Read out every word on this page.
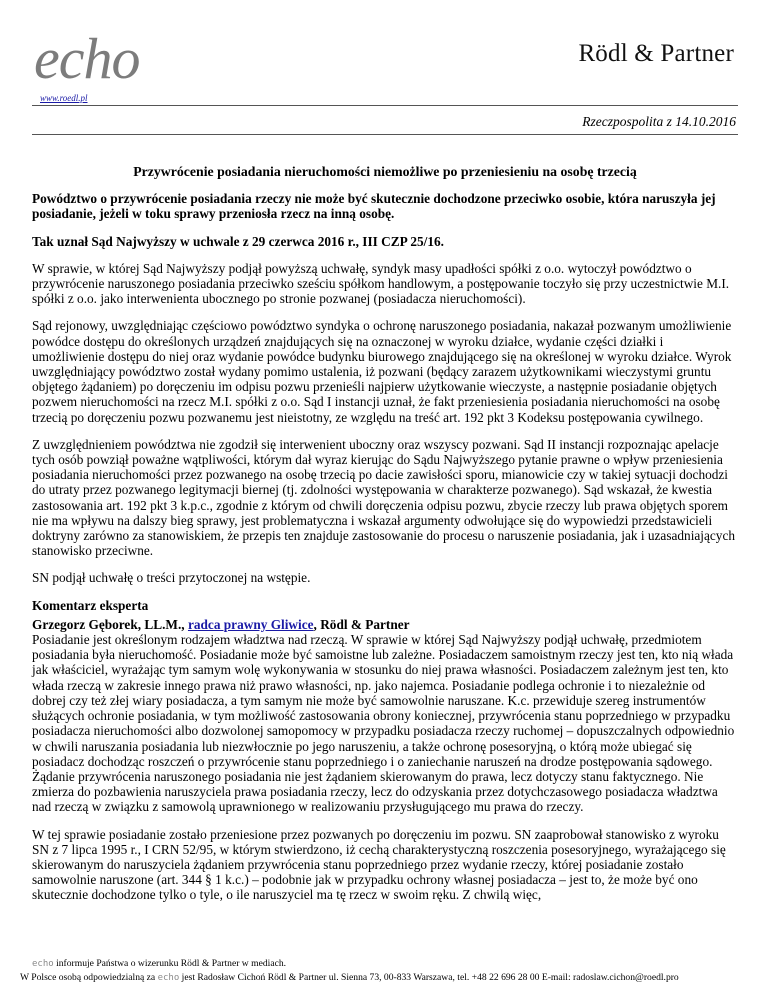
echo
www.roedl.pl
Rödl & Partner
Rzeczpospolita z 14.10.2016
Przywrócenie posiadania nieruchomości niemożliwe po przeniesieniu na osobę trzecią

Powództwo o przywrócenie posiadania rzeczy nie może być skutecznie dochodzone przeciwko osobie, która naruszyła jej posiadanie, jeżeli w toku sprawy przeniosła rzecz na inną osobę.

Tak uznał Sąd Najwyższy w uchwale z 29 czerwca 2016 r., III CZP 25/16.

W sprawie, w której Sąd Najwyższy podjął powyższą uchwałę, syndyk masy upadłości spółki z o.o. wytoczył powództwo o przywrócenie naruszonego posiadania przeciwko sześciu spółkom handlowym, a postępowanie toczyło się przy uczestnictwie M.I. spółki z o.o. jako interwenienta ubocznego po stronie pozwanej (posiadacza nieruchomości).

Sąd rejonowy, uwzględniając częściowo powództwo syndyka o ochronę naruszonego posiadania, nakazał pozwanym umożliwienie powódce dostępu do określonych urządzeń znajdujących się na oznaczonej w wyroku działce, wydanie części działki i umożliwienie dostępu do niej oraz wydanie powódce budynku biurowego znajdującego się na określonej w wyroku działce. Wyrok uwzględniający powództwo został wydany pomimo ustalenia, iż pozwani (będący zarazem użytkownikami wieczystymi gruntu objętego żądaniem) po doręczeniu im odpisu pozwu przenieśli najpierw użytkowanie wieczyste, a następnie posiadanie objętych pozwem nieruchomości na rzecz M.I. spółki z o.o. Sąd I instancji uznał, że fakt przeniesienia posiadania nieruchomości na osobę trzecią po doręczeniu pozwu pozwanemu jest nieistotny, ze względu na treść art. 192 pkt 3 Kodeksu postępowania cywilnego.

Z uwzględnieniem powództwa nie zgodził się interwenient uboczny oraz wszyscy pozwani. Sąd II instancji rozpoznając apelacje tych osób powziął poważne wątpliwości, którym dał wyraz kierując do Sądu Najwyższego pytanie prawne o wpływ przeniesienia posiadania nieruchomości przez pozwanego na osobę trzecią po dacie zawisłości sporu, mianowicie czy w takiej sytuacji dochodzi do utraty przez pozwanego legitymacji biernej (tj. zdolności występowania w charakterze pozwanego). Sąd wskazał, że kwestia zastosowania art. 192 pkt 3 k.p.c., zgodnie z którym od chwili doręczenia odpisu pozwu, zbycie rzeczy lub prawa objętych sporem nie ma wpływu na dalszy bieg sprawy, jest problematyczna i wskazał argumenty odwołujące się do wypowiedzi przedstawicieli doktryny zarówno za stanowiskiem, że przepis ten znajduje zastosowanie do procesu o naruszenie posiadania, jak i uzasadniających stanowisko przeciwne.

SN podjął uchwałę o treści przytoczonej na wstępie.

Komentarz eksperta

Grzegorz Gęborek, LL.M., radca prawny Gliwice, Rödl & Partner

Posiadanie jest określonym rodzajem władztwa nad rzeczą. W sprawie w której Sąd Najwyższy podjął uchwałę, przedmiotem posiadania była nieruchomość. Posiadanie może być samoistne lub zależne. Posiadaczem samoistnym rzeczy jest ten, kto nią włada jak właściciel, wyrażając tym samym wolę wykonywania w stosunku do niej prawa własności. Posiadaczem zależnym jest ten, kto włada rzeczą w zakresie innego prawa niż prawo własności, np. jako najemca. Posiadanie podlega ochronie i to niezależnie od dobrej czy też złej wiary posiadacza, a tym samym nie może być samowolnie naruszane. K.c. przewiduje szereg instrumentów służących ochronie posiadania, w tym możliwość zastosowania obrony koniecznej, przywrócenia stanu poprzedniego w przypadku posiadacza nieruchomości albo dozwolonej samopomocy w przypadku posiadacza rzeczy ruchomej – dopuszczalnych odpowiednio w chwili naruszania posiadania lub niezwłocznie po jego naruszeniu, a także ochronę posesoryjną, o którą może ubiegać się posiadacz dochodząc roszczeń o przywrócenie stanu poprzedniego i o zaniechanie naruszeń na drodze postępowania sądowego. Żądanie przywrócenia naruszonego posiadania nie jest żądaniem skierowanym do prawa, lecz dotyczy stanu faktycznego. Nie zmierza do pozbawienia naruszyciela prawa posiadania rzeczy, lecz do odzyskania przez dotychczasowego posiadacza władztwa nad rzeczą w związku z samowolą uprawnionego w realizowaniu przysługującego mu prawa do rzeczy.

W tej sprawie posiadanie zostało przeniesione przez pozwanych po doręczeniu im pozwu. SN zaaprobował stanowisko z wyroku SN z 7 lipca 1995 r., I CRN 52/95, w którym stwierdzono, iż cechą charakterystyczną roszczenia posesoryjnego, wyrażającego się skierowanym do naruszyciela żądaniem przywrócenia stanu poprzedniego przez wydanie rzeczy, której posiadanie zostało samowolnie naruszone (art. 344 § 1 k.c.) – podobnie jak w przypadku ochrony własnej posiadacza – jest to, że może być ono skutecznie dochodzone tylko o tyle, o ile naruszyciel ma tę rzecz w swoim ręku. Z chwilą więc,

echo informuje Państwa o wizerunku Rödl & Partner w mediach.
W Polsce osobą odpowiedzialną za echo jest Radosław Cichoń Rödl & Partner ul. Sienna 73, 00-833 Warszawa, tel. +48 22 696 28 00 E-mail: radoslaw.cichon@roedl.pro
